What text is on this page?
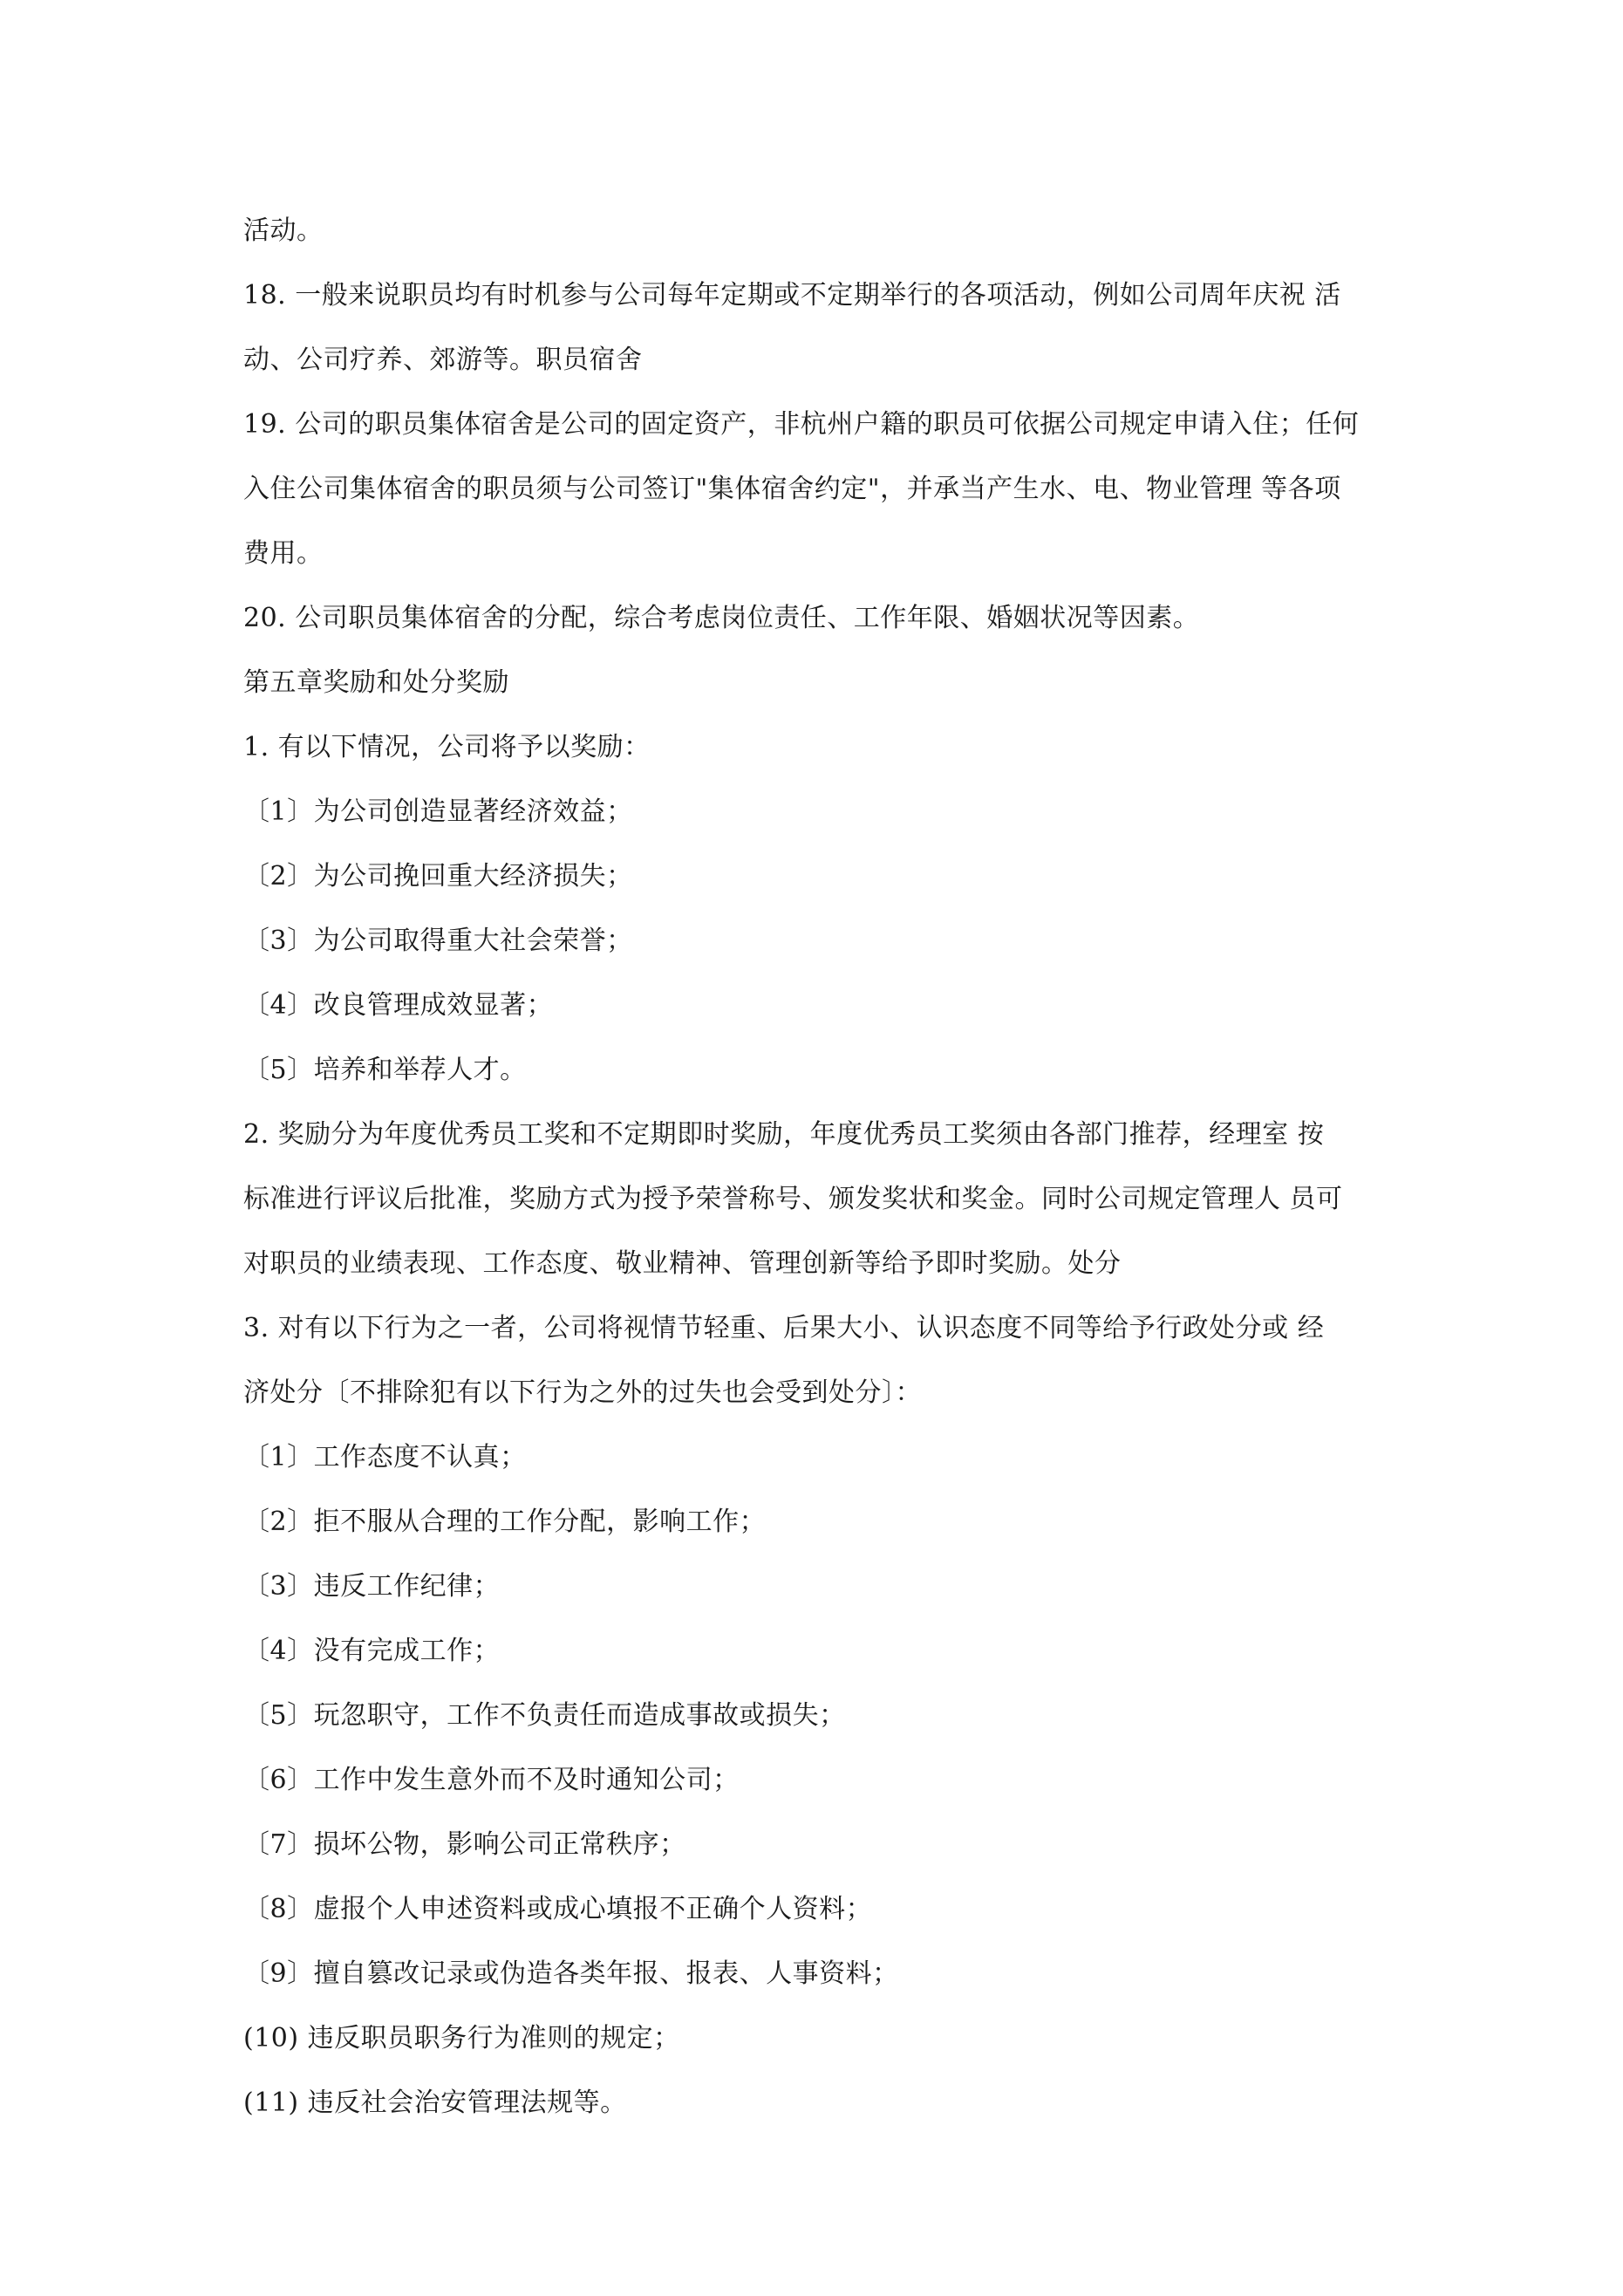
活动。
18. 一般来说职员均有时机参与公司每年定期或不定期举行的各项活动，例如公司周年庆祝 活
动、公司疗养、郊游等。职员宿舍
19. 公司的职员集体宿舍是公司的固定资产，非杭州户籍的职员可依据公司规定申请入住；任何
入住公司集体宿舍的职员须与公司签订"集体宿舍约定"，并承当产生水、电、物业管理 等各项
费用。
20. 公司职员集体宿舍的分配，综合考虑岗位责任、工作年限、婚姻状况等因素。
第五章奖励和处分奖励
1. 有以下情况，公司将予以奖励：
〔1〕为公司创造显著经济效益；
〔2〕为公司挽回重大经济损失；
〔3〕为公司取得重大社会荣誉；
〔4〕改良管理成效显著；
〔5〕培养和举荐人才。
2. 奖励分为年度优秀员工奖和不定期即时奖励，年度优秀员工奖须由各部门推荐，经理室 按
标准进行评议后批准，奖励方式为授予荣誉称号、颁发奖状和奖金。同时公司规定管理人 员可
对职员的业绩表现、工作态度、敬业精神、管理创新等给予即时奖励。处分
3. 对有以下行为之一者，公司将视情节轻重、后果大小、认识态度不同等给予行政处分或 经
济处分〔不排除犯有以下行为之外的过失也会受到处分〕：
〔1〕工作态度不认真；
〔2〕拒不服从合理的工作分配，影响工作；
〔3〕违反工作纪律；
〔4〕没有完成工作；
〔5〕玩忽职守，工作不负责任而造成事故或损失；
〔6〕工作中发生意外而不及时通知公司；
〔7〕损坏公物，影响公司正常秩序；
〔8〕虚报个人申述资料或成心填报不正确个人资料；
〔9〕擅自篡改记录或伪造各类年报、报表、人事资料；
(10) 违反职员职务行为准则的规定；
(11) 违反社会治安管理法规等。
